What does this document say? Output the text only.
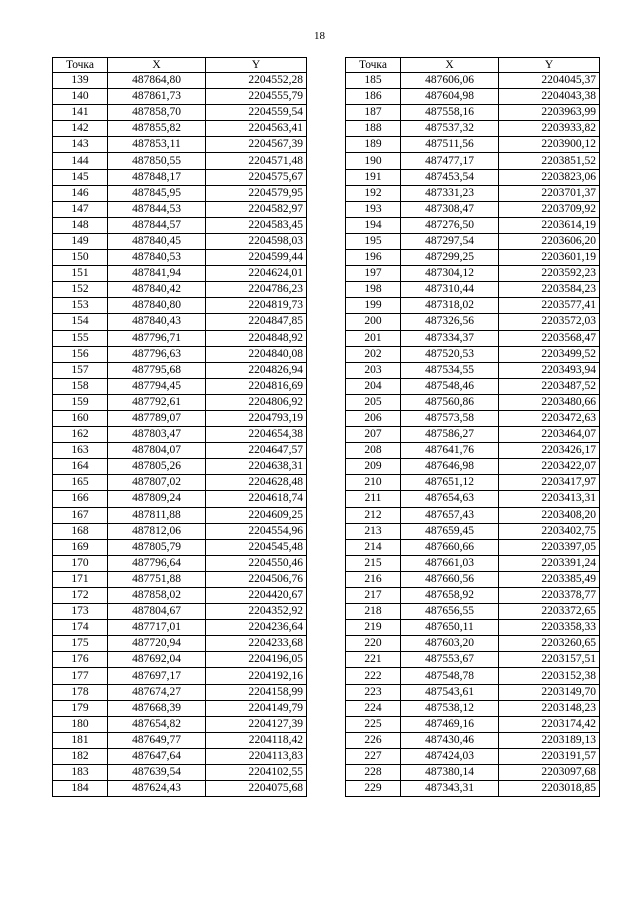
18
Точка	X	Y
139	487864,80	2204552,28
140	487861,73	2204555,79
141	487858,70	2204559,54
142	487855,82	2204563,41
143	487853,11	2204567,39
144	487850,55	2204571,48
145	487848,17	2204575,67
146	487845,95	2204579,95
147	487844,53	2204582,97
148	487844,57	2204583,45
149	487840,45	2204598,03
150	487840,53	2204599,44
151	487841,94	2204624,01
152	487840,42	2204786,23
153	487840,80	2204819,73
154	487840,43	2204847,85
155	487796,71	2204848,92
156	487796,63	2204840,08
157	487795,68	2204826,94
158	487794,45	2204816,69
159	487792,61	2204806,92
160	487789,07	2204793,19
162	487803,47	2204654,38
163	487804,07	2204647,57
164	487805,26	2204638,31
165	487807,02	2204628,48
166	487809,24	2204618,74
167	487811,88	2204609,25
168	487812,06	2204554,96
169	487805,79	2204545,48
170	487796,64	2204550,46
171	487751,88	2204506,76
172	487858,02	2204420,67
173	487804,67	2204352,92
174	487717,01	2204236,64
175	487720,94	2204233,68
176	487692,04	2204196,05
177	487697,17	2204192,16
178	487674,27	2204158,99
179	487668,39	2204149,79
180	487654,82	2204127,39
181	487649,77	2204118,42
182	487647,64	2204113,83
183	487639,54	2204102,55
184	487624,43	2204075,68
Точка	X	Y
185	487606,06	2204045,37
186	487604,98	2204043,38
187	487558,16	2203963,99
188	487537,32	2203933,82
189	487511,56	2203900,12
190	487477,17	2203851,52
191	487453,54	2203823,06
192	487331,23	2203701,37
193	487308,47	2203709,92
194	487276,50	2203614,19
195	487297,54	2203606,20
196	487299,25	2203601,19
197	487304,12	2203592,23
198	487310,44	2203584,23
199	487318,02	2203577,41
200	487326,56	2203572,03
201	487334,37	2203568,47
202	487520,53	2203499,52
203	487534,55	2203493,94
204	487548,46	2203487,52
205	487560,86	2203480,66
206	487573,58	2203472,63
207	487586,27	2203464,07
208	487641,76	2203426,17
209	487646,98	2203422,07
210	487651,12	2203417,97
211	487654,63	2203413,31
212	487657,43	2203408,20
213	487659,45	2203402,75
214	487660,66	2203397,05
215	487661,03	2203391,24
216	487660,56	2203385,49
217	487658,92	2203378,77
218	487656,55	2203372,65
219	487650,11	2203358,33
220	487603,20	2203260,65
221	487553,67	2203157,51
222	487548,78	2203152,38
223	487543,61	2203149,70
224	487538,12	2203148,23
225	487469,16	2203174,42
226	487430,46	2203189,13
227	487424,03	2203191,57
228	487380,14	2203097,68
229	487343,31	2203018,85
